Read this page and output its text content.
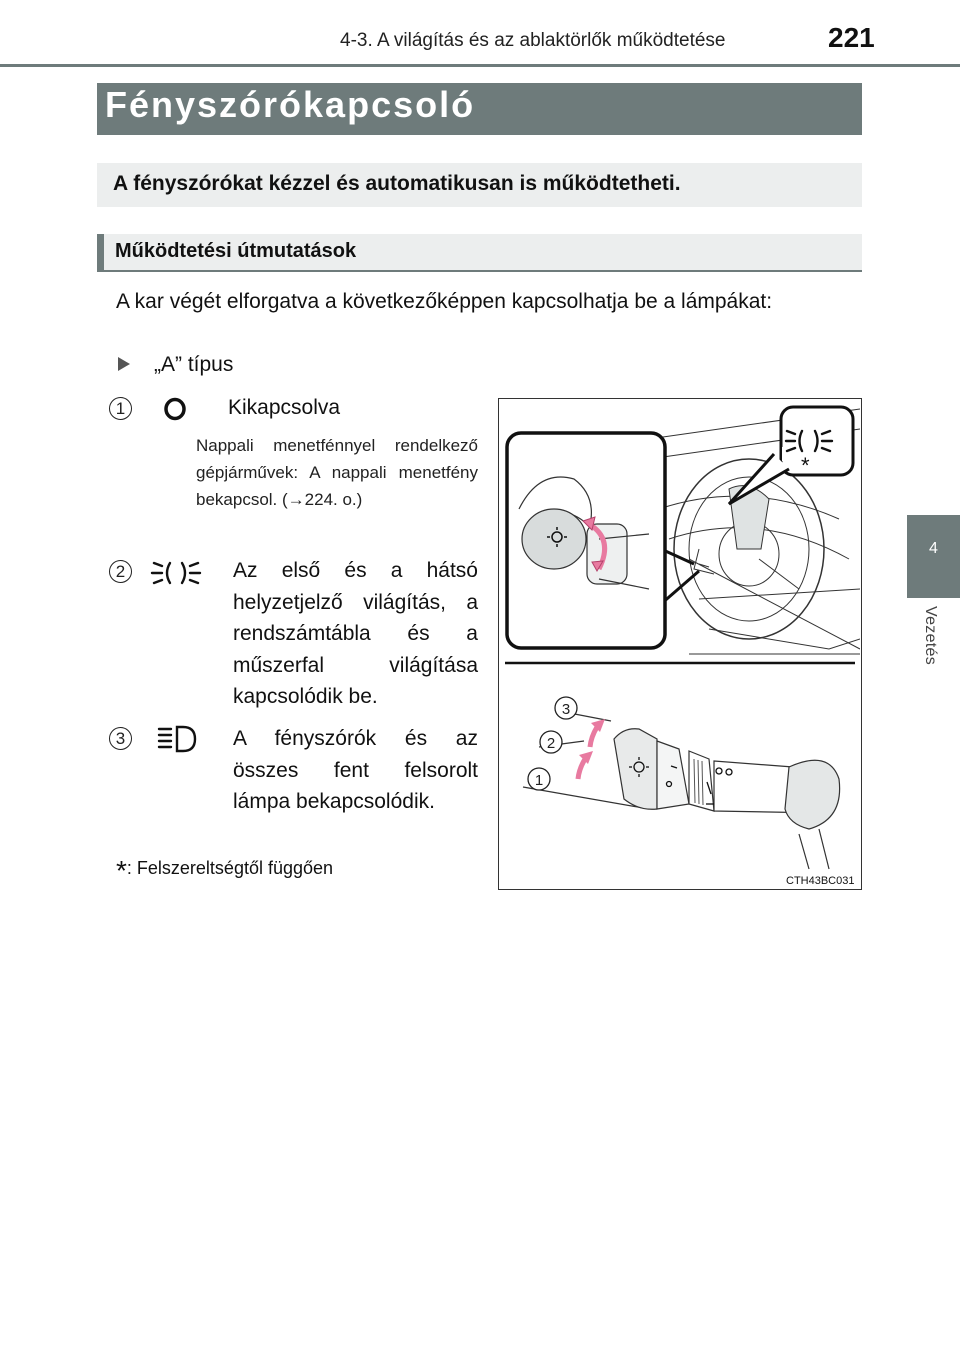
4-3. A világítás és az ablaktörlők működtetése	221
4
Vezetés
Fényszórókapcsoló
A fényszórókat kézzel és automatikusan is működtetheti.
Működtetési útmutatások
A kar végét elforgatva a következőképpen kapcsolhatja be a lámpákat:
„A” típus
1	Kikapcsolva
Nappali menetfénnyel rendelkező gépjárművek: A nappali menetfény bekapcsol. (→224. o.)
2	Az első és a hátsó helyzetjelző világítás, a rendszámtábla és a műszerfal világítása kapcsolódik be.
3	A fényszórók és az összes fent felsorolt lámpa bekapcsolódik.
*: Felszereltségtől függően
*
3
2
1
CTH43BC031
